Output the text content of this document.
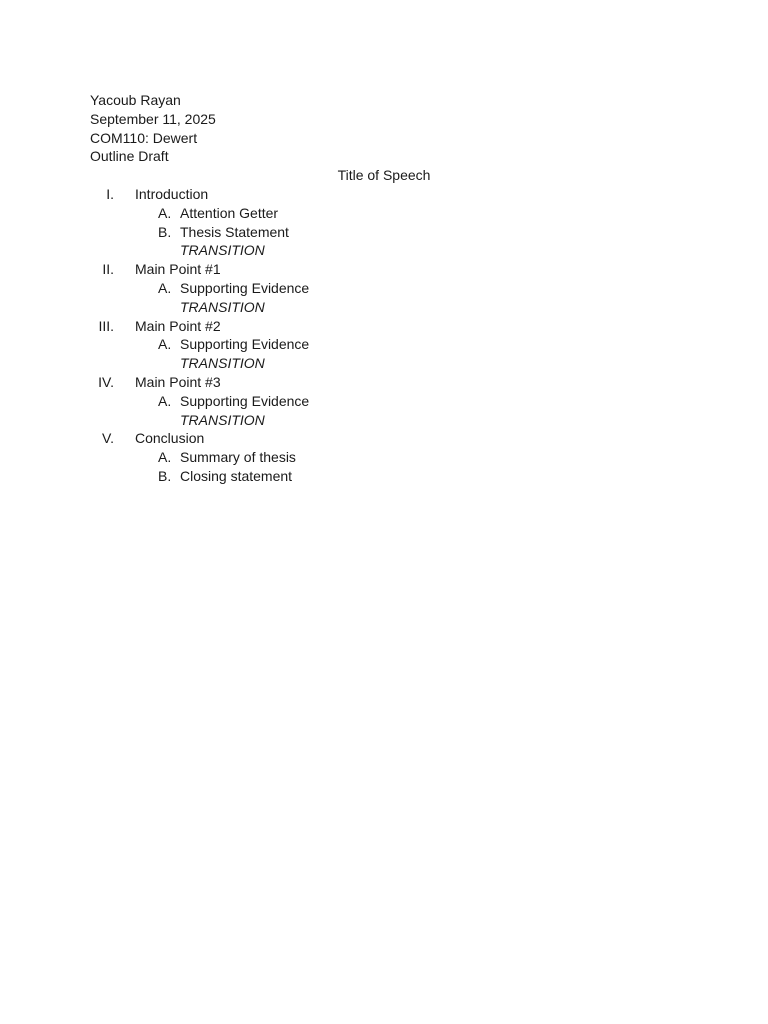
Yacoub Rayan
September 11, 2025
COM110: Dewert
Outline Draft
Title of Speech
I. Introduction
A. Attention Getter
B. Thesis Statement
TRANSITION
II. Main Point #1
A. Supporting Evidence
TRANSITION
III. Main Point #2
A. Supporting Evidence
TRANSITION
IV. Main Point #3
A. Supporting Evidence
TRANSITION
V. Conclusion
A. Summary of thesis
B. Closing statement
